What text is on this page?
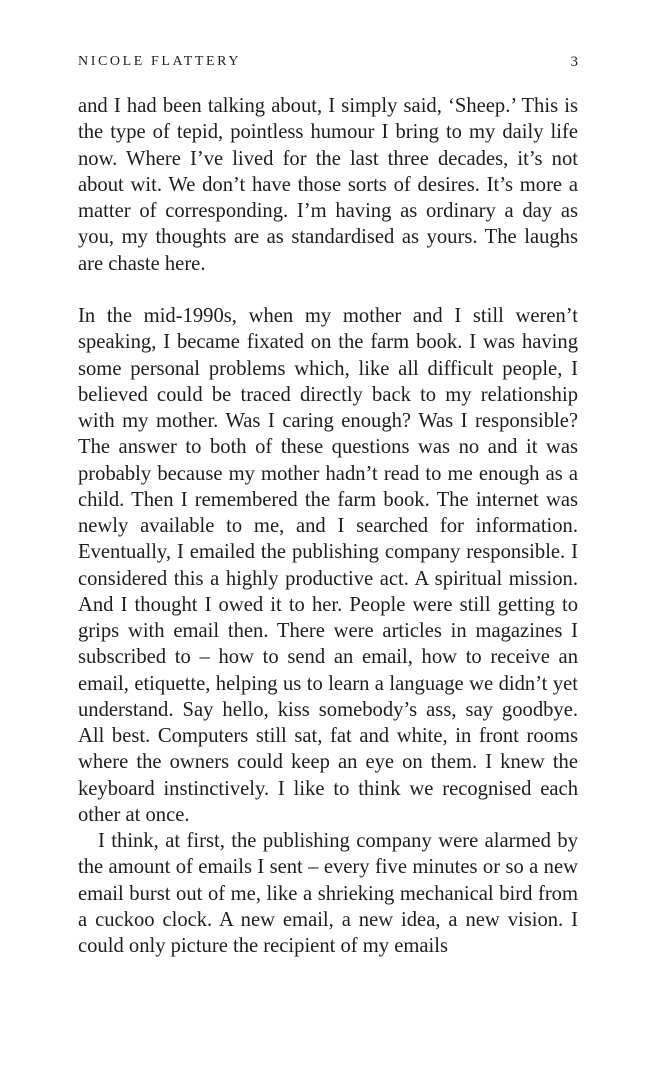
NICOLE FLATTERY	3

and I had been talking about, I simply said, ‘Sheep.’ This is the type of tepid, pointless humour I bring to my daily life now. Where I’ve lived for the last three decades, it’s not about wit. We don’t have those sorts of desires. It’s more a matter of corresponding. I’m having as ordinary a day as you, my thoughts are as standardised as yours. The laughs are chaste here.

In the mid-1990s, when my mother and I still weren’t speaking, I became fixated on the farm book. I was having some personal problems which, like all difficult people, I believed could be traced directly back to my relationship with my mother. Was I caring enough? Was I responsible? The answer to both of these questions was no and it was probably because my mother hadn’t read to me enough as a child. Then I remembered the farm book. The internet was newly available to me, and I searched for information. Eventually, I emailed the publishing company responsible. I considered this a highly productive act. A spiritual mission. And I thought I owed it to her. People were still getting to grips with email then. There were articles in magazines I subscribed to – how to send an email, how to receive an email, etiquette, helping us to learn a language we didn’t yet understand. Say hello, kiss somebody’s ass, say goodbye. All best. Computers still sat, fat and white, in front rooms where the owners could keep an eye on them. I knew the keyboard instinctively. I like to think we recognised each other at once.

I think, at first, the publishing company were alarmed by the amount of emails I sent – every five minutes or so a new email burst out of me, like a shrieking mechanical bird from a cuckoo clock. A new email, a new idea, a new vision. I could only picture the recipient of my emails
